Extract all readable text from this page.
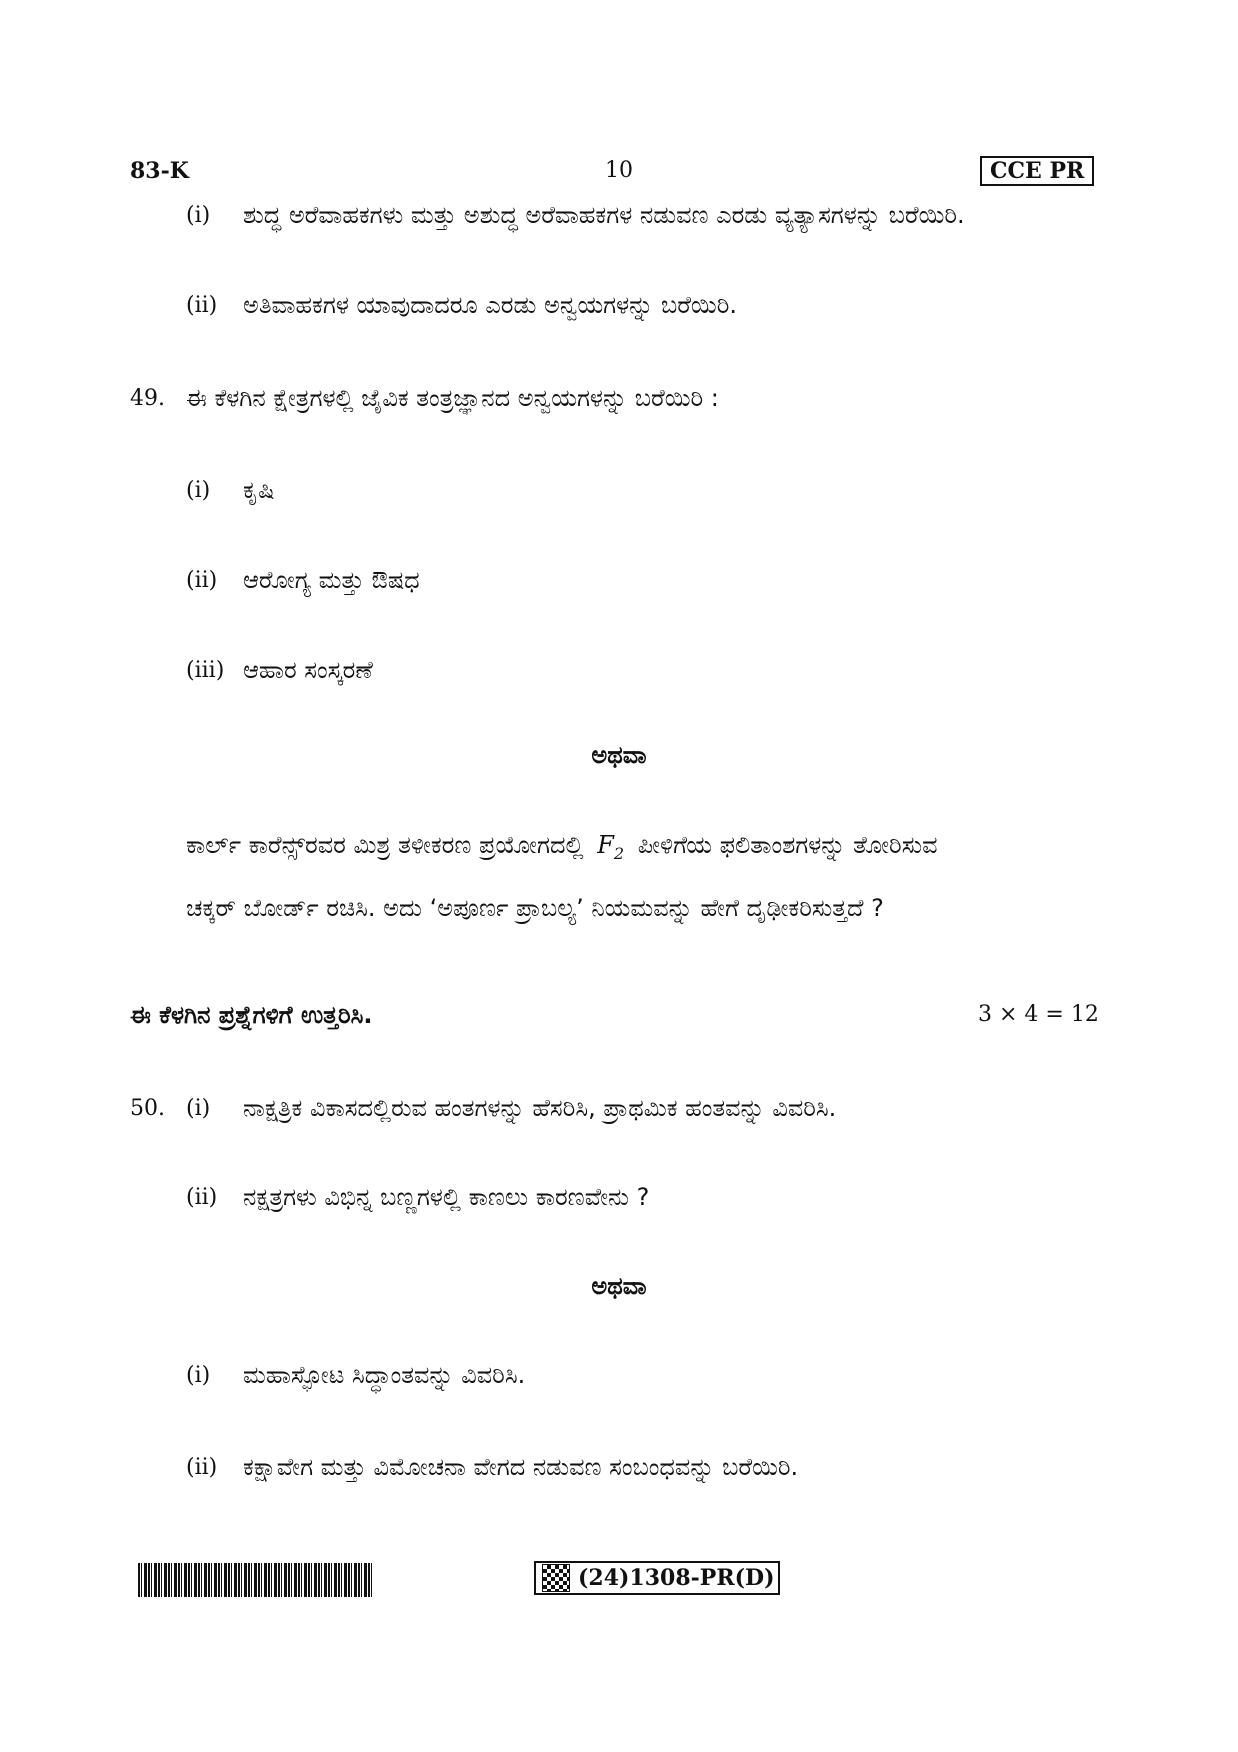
83-K	10	CCE PR
(i) ಶುದ್ಧ ಅರೆವಾಹಕಗಳು ಮತ್ತು ಅಶುದ್ಧ ಅರೆವಾಹಕಗಳ ನಡುವಣ ಎರಡು ವ್ಯತ್ಯಾಸಗಳನ್ನು ಬರೆಯಿರಿ.
(ii) ಅತಿವಾಹಕಗಳ ಯಾವುದಾದರೂ ಎರಡು ಅನ್ವಯಗಳನ್ನು ಬರೆಯಿರಿ.
49. ಈ ಕೆಳಗಿನ ಕ್ಷೇತ್ರಗಳಲ್ಲಿ ಜೈವಿಕ ತಂತ್ರಜ್ಞಾನದ ಅನ್ವಯಗಳನ್ನು ಬರೆಯಿರಿ :
(i) ಕೃಷಿ
(ii) ಆರೋಗ್ಯ ಮತ್ತು ಔಷಧ
(iii) ಆಹಾರ ಸಂಸ್ಕರಣೆ
ಅಥವಾ
ಕಾರ್ಲ್ ಕಾರೆನ್ಸ್‌ರವರ ಮಿಶ್ರ ತಳೀಕರಣ ಪ್ರಯೋಗದಲ್ಲಿ $F_2$ ಪೀಳಿಗೆಯ ಫಲಿತಾಂಶಗಳನ್ನು ತೋರಿಸುವ
ಚಕ್ಕರ್ ಬೋರ್ಡ್ ರಚಿಸಿ. ಅದು ‘ಅಪೂರ್ಣ ಪ್ರಾಬಲ್ಯ’ ನಿಯಮವನ್ನು ಹೇಗೆ ದೃಢೀಕರಿಸುತ್ತದೆ ?
ಈ ಕೆಳಗಿನ ಪ್ರಶ್ನೆಗಳಿಗೆ ಉತ್ತರಿಸಿ.	3 × 4 = 12
50. (i) ನಾಕ್ಷತ್ರಿಕ ವಿಕಾಸದಲ್ಲಿರುವ ಹಂತಗಳನ್ನು ಹೆಸರಿಸಿ, ಪ್ರಾಥಮಿಕ ಹಂತವನ್ನು ವಿವರಿಸಿ.
(ii) ನಕ್ಷತ್ರಗಳು ವಿಭಿನ್ನ ಬಣ್ಣಗಳಲ್ಲಿ ಕಾಣಲು ಕಾರಣವೇನು ?
ಅಥವಾ
(i) ಮಹಾಸ್ಫೋಟ ಸಿದ್ಧಾಂತವನ್ನು ವಿವರಿಸಿ.
(ii) ಕಕ್ಷಾವೇಗ ಮತ್ತು ವಿಮೋಚನಾ ವೇಗದ ನಡುವಣ ಸಂಬಂಧವನ್ನು ಬರೆಯಿರಿ.
(24)1308-PR(D)
